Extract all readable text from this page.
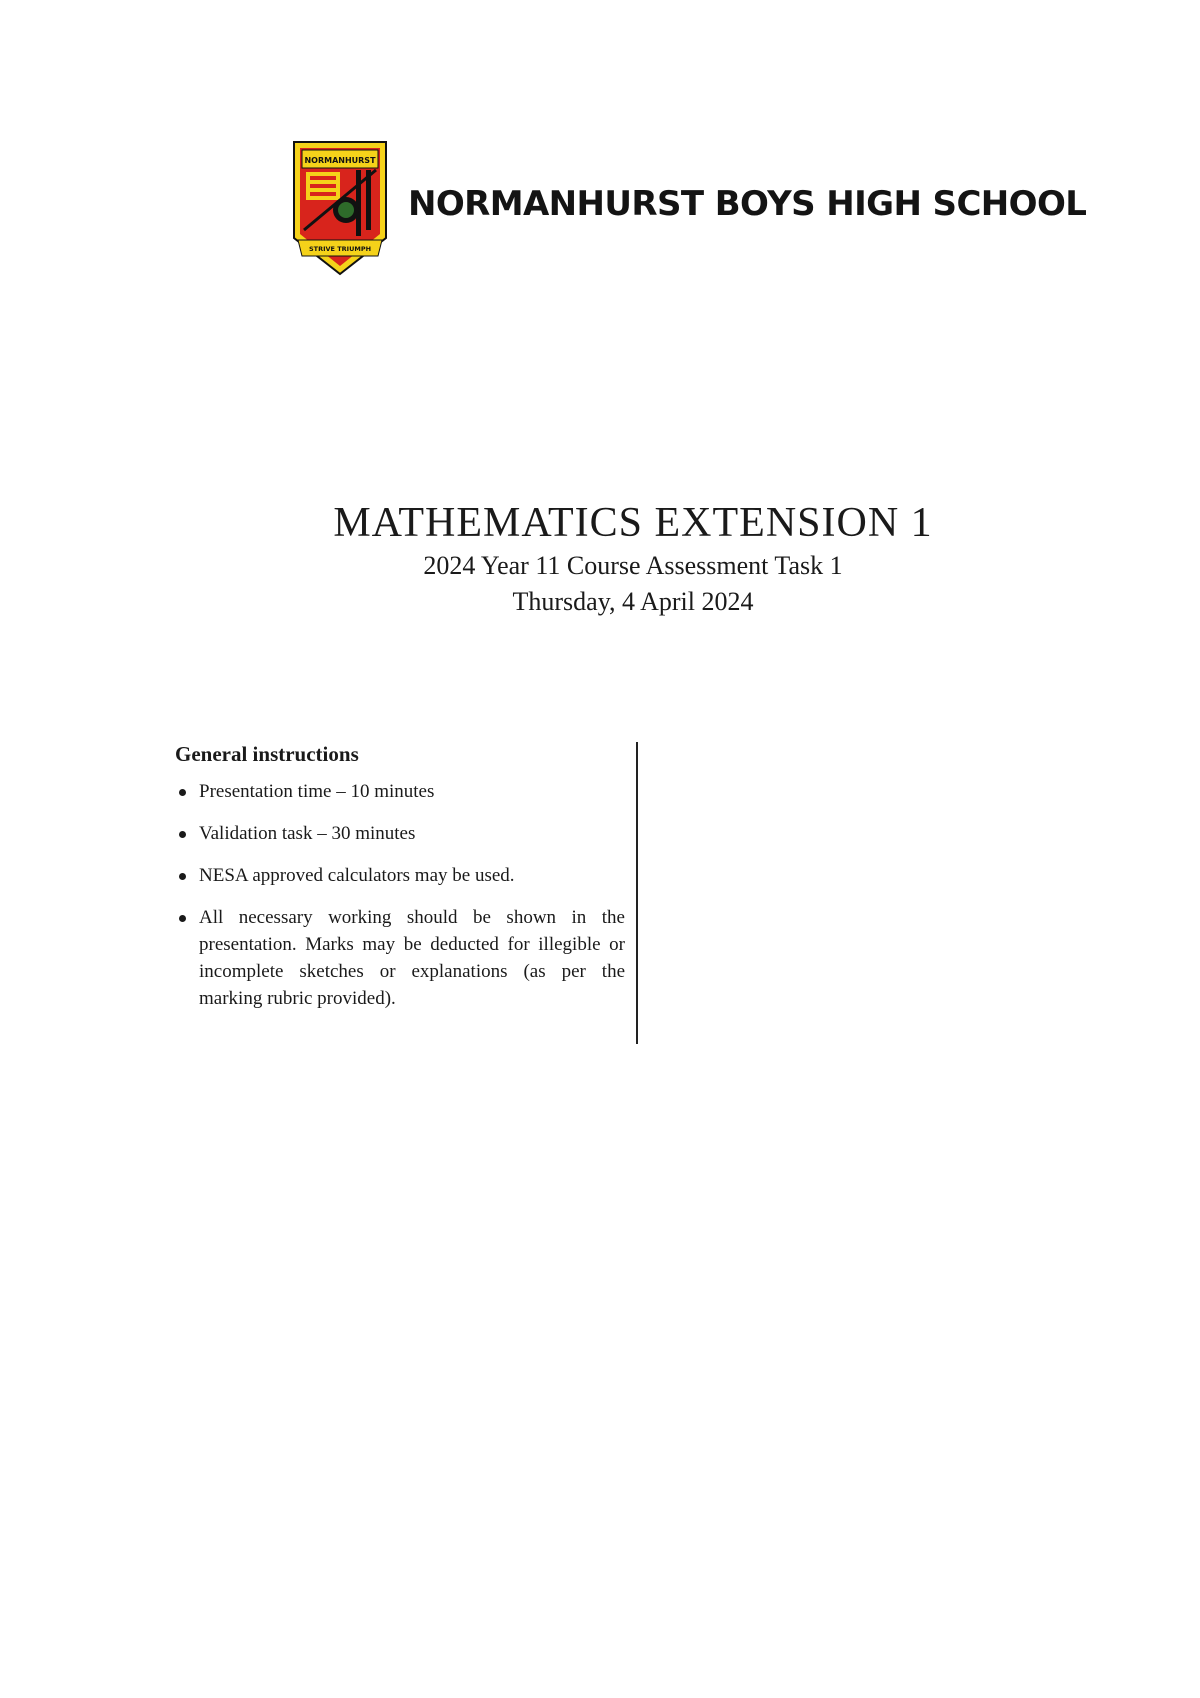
NORMANHURST
STRIVE TRIUMPH
NORMANHURST BOYS HIGH SCHOOL
MATHEMATICS EXTENSION 1

2024 Year 11 Course Assessment Task 1

Thursday, 4 April 2024

General instructions
Presentation time – 10 minutes
Validation task – 30 minutes
NESA approved calculators may be used.
All necessary working should be shown in the presentation. Marks may be deducted for illegible or incomplete sketches or explanations (as per the marking rubric provided).
